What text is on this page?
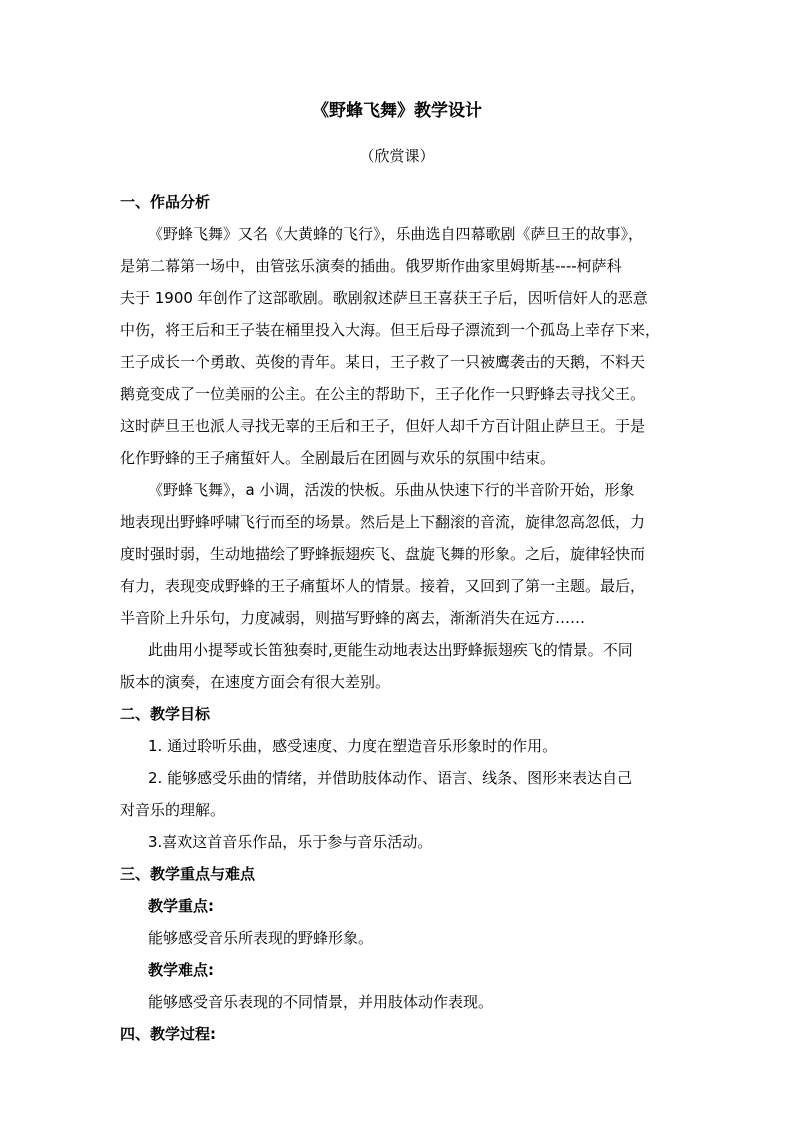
《野蜂飞舞》教学设计
（欣赏课）
一、作品分析
《野蜂飞舞》又名《大黄蜂的飞行》，乐曲选自四幕歌剧《萨旦王的故事》，
是第二幕第一场中，由管弦乐演奏的插曲。俄罗斯作曲家里姆斯基----柯萨科
夫于 1900 年创作了这部歌剧。歌剧叙述萨旦王喜获王子后，因听信奸人的恶意
中伤，将王后和王子装在桶里投入大海。但王后母子漂流到一个孤岛上幸存下来，
王子成长一个勇敢、英俊的青年。某日，王子救了一只被鹰袭击的天鹅，不料天
鹅竟变成了一位美丽的公主。在公主的帮助下，王子化作一只野蜂去寻找父王。
这时萨旦王也派人寻找无辜的王后和王子，但奸人却千方百计阻止萨旦王。于是
化作野蜂的王子痛蜇奸人。全剧最后在团圆与欢乐的氛围中结束。
《野蜂飞舞》，a 小调，活泼的快板。乐曲从快速下行的半音阶开始，形象
地表现出野蜂呼啸飞行而至的场景。然后是上下翻滚的音流，旋律忽高忽低，力
度时强时弱，生动地描绘了野蜂振翅疾飞、盘旋飞舞的形象。之后，旋律轻快而
有力，表现变成野蜂的王子痛蜇坏人的情景。接着，又回到了第一主题。最后，
半音阶上升乐句，力度减弱，则描写野蜂的离去，渐渐消失在远方……
此曲用小提琴或长笛独奏时,更能生动地表达出野蜂振翅疾飞的情景。不同
版本的演奏，在速度方面会有很大差别。
二、教学目标
1. 通过聆听乐曲，感受速度、力度在塑造音乐形象时的作用。
2. 能够感受乐曲的情绪，并借助肢体动作、语言、线条、图形来表达自己
对音乐的理解。
3.喜欢这首音乐作品，乐于参与音乐活动。
三、教学重点与难点
教学重点:
能够感受音乐所表现的野蜂形象。
教学难点:
能够感受音乐表现的不同情景，并用肢体动作表现。
四、教学过程:
